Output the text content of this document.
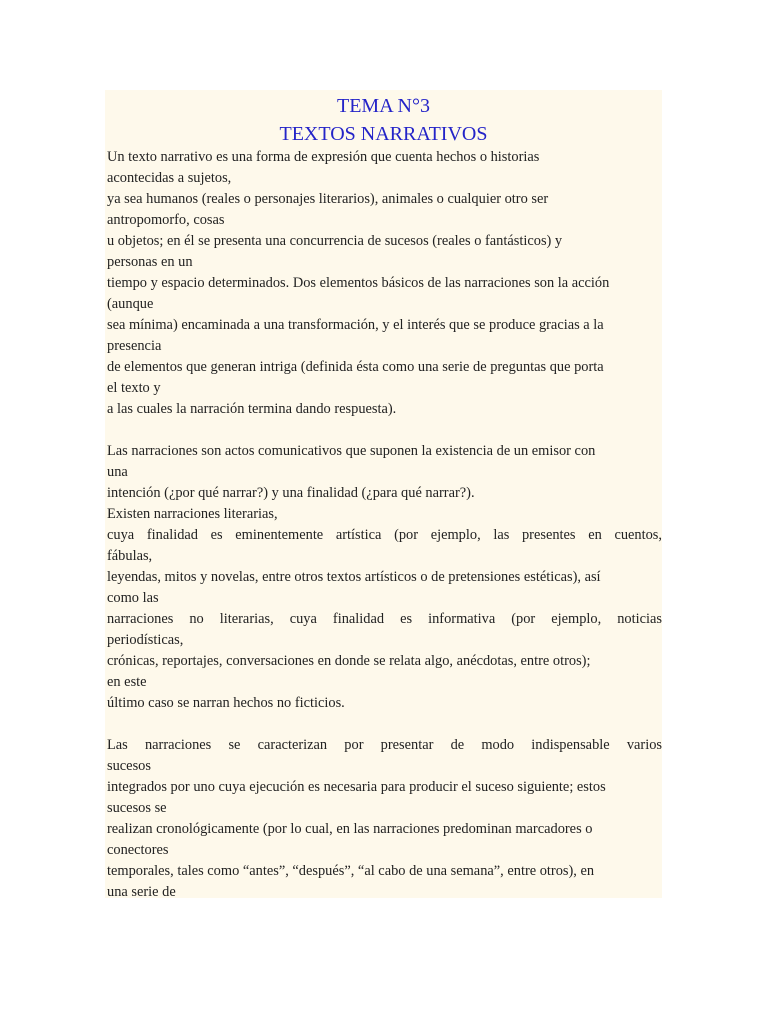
TEMA N°3
TEXTOS NARRATIVOS
Un texto narrativo es una forma de expresión que cuenta hechos o historias
acontecidas a sujetos,
ya sea humanos (reales o personajes literarios), animales o cualquier otro ser
antropomorfo, cosas
u objetos; en él se presenta una concurrencia de sucesos (reales o fantásticos) y
personas en un
tiempo y espacio determinados. Dos elementos básicos de las narraciones son la acción
(aunque
sea mínima) encaminada a una transformación, y el interés que se produce gracias a la
presencia
de elementos que generan intriga (definida ésta como una serie de preguntas que porta
el texto y
a las cuales la narración termina dando respuesta).
Las narraciones son actos comunicativos que suponen la existencia de un emisor con
una
intención (¿por qué narrar?) y una finalidad (¿para qué narrar?).
Existen narraciones literarias,
cuya finalidad es eminentemente artística (por ejemplo, las presentes en cuentos,
fábulas,
leyendas, mitos y novelas, entre otros textos artísticos o de pretensiones estéticas), así
como las
narraciones no literarias, cuya finalidad es informativa (por ejemplo, noticias
periodísticas,
crónicas, reportajes, conversaciones en donde se relata algo, anécdotas, entre otros);
en este
último caso se narran hechos no ficticios.
Las narraciones se caracterizan por presentar de modo indispensable varios
sucesos
integrados por uno cuya ejecución es necesaria para producir el suceso siguiente; estos
sucesos se
realizan cronológicamente (por lo cual, en las narraciones predominan marcadores o
conectores
temporales, tales como “antes”, “después”, “al cabo de una semana”, entre otros), en
una serie de
